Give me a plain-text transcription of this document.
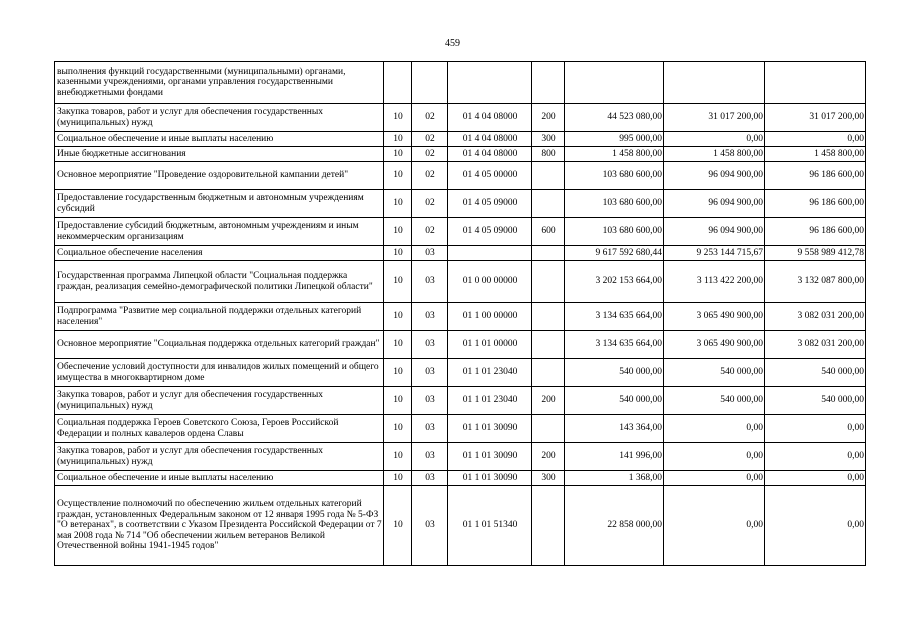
459
выполнения функций государственными (муниципальными) органами, казенными учреждениями, органами управления государственными внебюджетными фондами							
Закупка товаров, работ и услуг для обеспечения государственных (муниципальных) нужд	10	02	01 4 04 08000	200	44 523 080,00	31 017 200,00	31 017 200,00
Социальное обеспечение и иные выплаты населению	10	02	01 4 04 08000	300	995 000,00	0,00	0,00
Иные бюджетные ассигнования	10	02	01 4 04 08000	800	1 458 800,00	1 458 800,00	1 458 800,00
Основное мероприятие "Проведение оздоровительной кампании детей"	10	02	01 4 05 00000		103 680 600,00	96 094 900,00	96 186 600,00
Предоставление государственным бюджетным и автономным учреждениям субсидий	10	02	01 4 05 09000		103 680 600,00	96 094 900,00	96 186 600,00
Предоставление субсидий бюджетным, автономным учреждениям и иным некоммерческим организациям	10	02	01 4 05 09000	600	103 680 600,00	96 094 900,00	96 186 600,00
Социальное обеспечение населения	10	03			9 617 592 680,44	9 253 144 715,67	9 558 989 412,78
Государственная программа Липецкой области "Социальная поддержка граждан, реализация семейно-демографической политики Липецкой области"	10	03	01 0 00 00000		3 202 153 664,00	3 113 422 200,00	3 132 087 800,00
Подпрограмма "Развитие мер социальной поддержки отдельных категорий населения"	10	03	01 1 00 00000		3 134 635 664,00	3 065 490 900,00	3 082 031 200,00
Основное мероприятие "Социальная поддержка отдельных категорий граждан"	10	03	01 1 01 00000		3 134 635 664,00	3 065 490 900,00	3 082 031 200,00
Обеспечение условий доступности для инвалидов жилых помещений и общего имущества в многоквартирном доме	10	03	01 1 01 23040		540 000,00	540 000,00	540 000,00
Закупка товаров, работ и услуг для обеспечения государственных (муниципальных) нужд	10	03	01 1 01 23040	200	540 000,00	540 000,00	540 000,00
Социальная поддержка Героев Советского Союза, Героев Российской Федерации и полных кавалеров ордена Славы	10	03	01 1 01 30090		143 364,00	0,00	0,00
Закупка товаров, работ и услуг для обеспечения государственных (муниципальных) нужд	10	03	01 1 01 30090	200	141 996,00	0,00	0,00
Социальное обеспечение и иные выплаты населению	10	03	01 1 01 30090	300	1 368,00	0,00	0,00
Осуществление полномочий по обеспечению жильем отдельных категорий граждан, установленных Федеральным законом от 12 января 1995 года № 5-ФЗ "О ветеранах", в соответствии с Указом Президента Российской Федерации от 7 мая 2008 года № 714 "Об обеспечении жильем ветеранов Великой Отечественной войны 1941-1945 годов"	10	03	01 1 01 51340		22 858 000,00	0,00	0,00
